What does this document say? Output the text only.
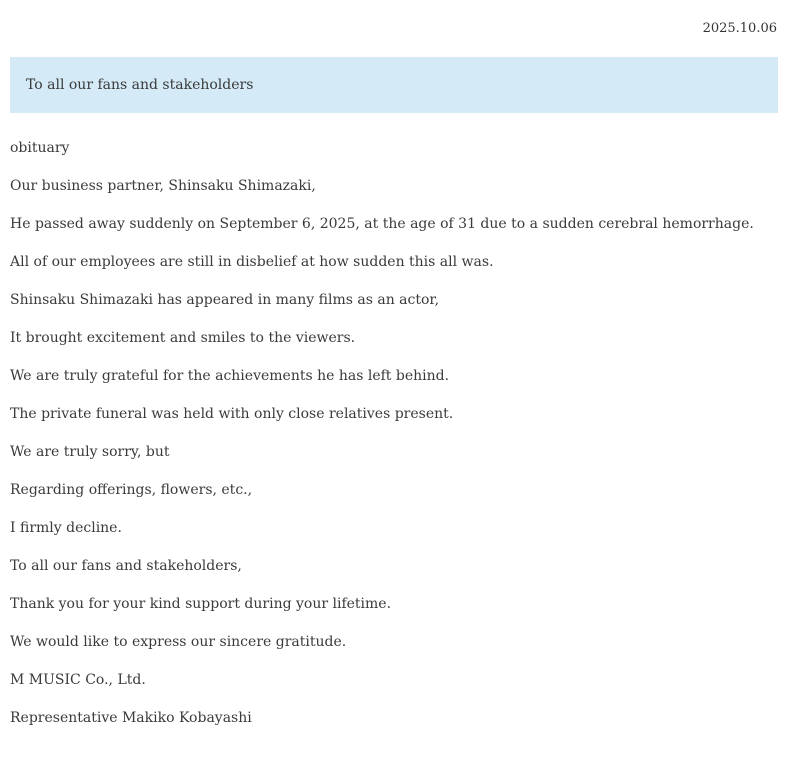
2025.10.06
To all our fans and stakeholders
obituary
Our business partner, Shinsaku Shimazaki,
He passed away suddenly on September 6, 2025, at the age of 31 due to a sudden cerebral hemorrhage.
All of our employees are still in disbelief at how sudden this all was.
Shinsaku Shimazaki has appeared in many films as an actor,
It brought excitement and smiles to the viewers.
We are truly grateful for the achievements he has left behind.
The private funeral was held with only close relatives present.
We are truly sorry, but
Regarding offerings, flowers, etc.,
I firmly decline.
To all our fans and stakeholders,
Thank you for your kind support during your lifetime.
We would like to express our sincere gratitude.
M MUSIC Co., Ltd.
Representative Makiko Kobayashi
